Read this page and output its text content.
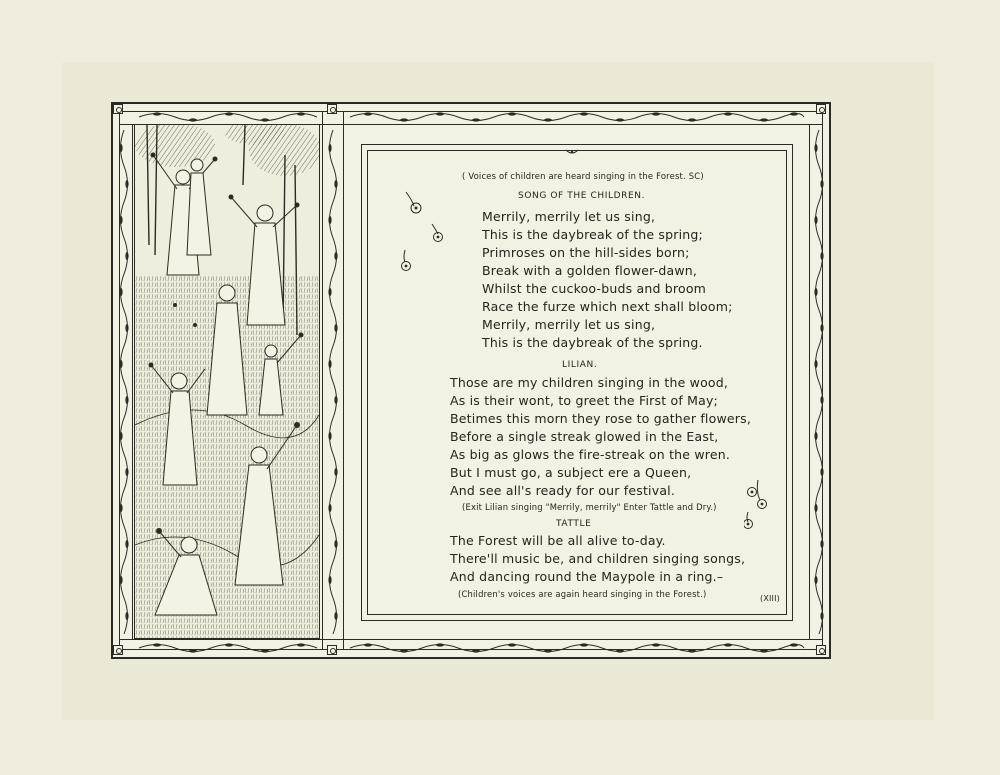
( Voices of children are heard singing in the Forest. SC)
SONG OF THE CHILDREN.
Merrily, merrily let us sing,
This is the daybreak of the spring;
Primroses on the hill-sides born;
Break with a golden flower-dawn,
Whilst the cuckoo-buds and broom
Race the furze which next shall bloom;
Merrily, merrily let us sing,
This is the daybreak of the spring.
LILIAN.
Those are my children singing in the wood,
As is their wont, to greet the First of May;
Betimes this morn they rose to gather flowers,
Before a single streak glowed in the East,
As big as glows the fire-streak on the wren.
But I must go, a subject ere a Queen,
And see all's ready for our festival.
(Exit Lilian singing "Merrily, merrily" Enter Tattle and Dry.)
TATTLE
The Forest will be all alive to-day.
There'll music be, and children singing songs,
And dancing round the Maypole in a ring.–
(Children's voices are again heard singing in the Forest.)	(XIII)
